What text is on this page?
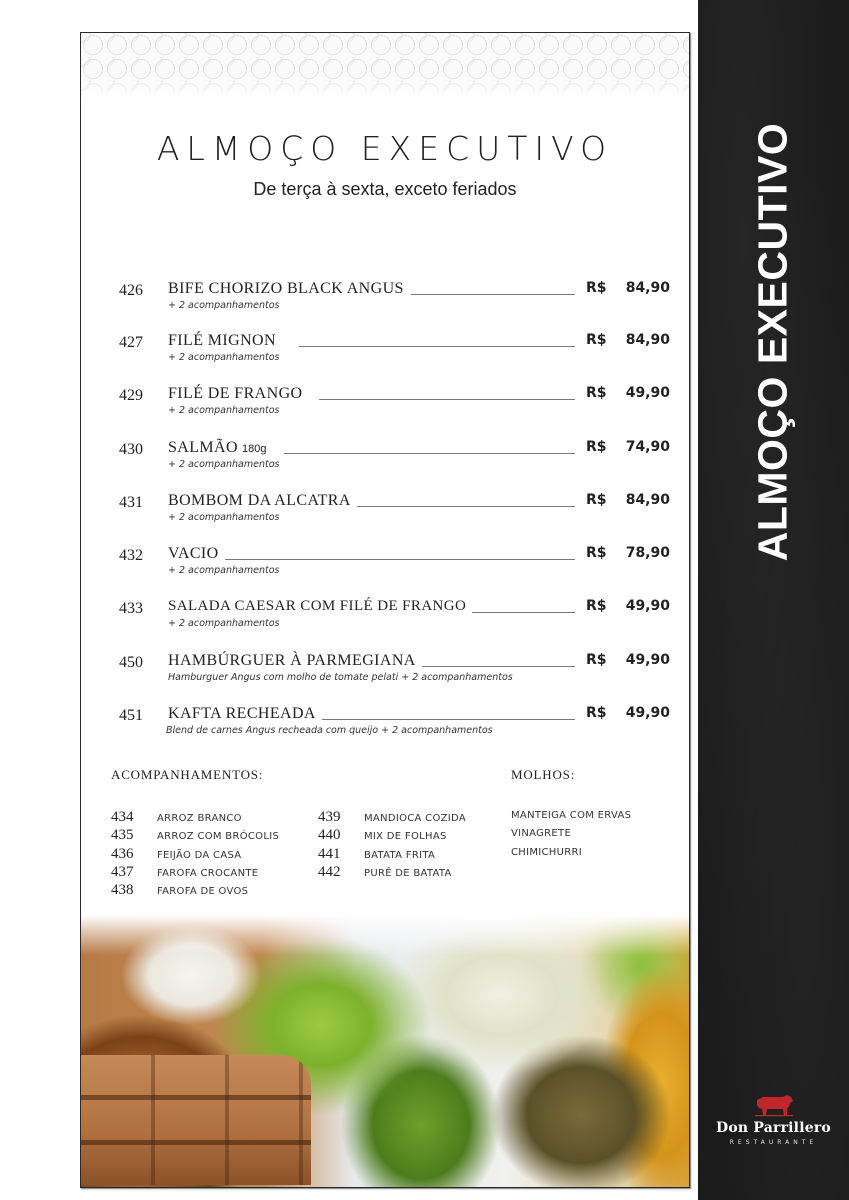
ALMOÇO EXECUTIVO
De terça à sexta, exceto feriados
426 BIFE CHORIZO BLACK ANGUS	R$ 84,90
+ 2 acompanhamentos
427 FILÉ MIGNON	R$ 84,90
+ 2 acompanhamentos
429 FILÉ DE FRANGO	R$ 49,90
+ 2 acompanhamentos
430 SALMÃO 180g	R$ 74,90
+ 2 acompanhamentos
431 BOMBOM DA ALCATRA	R$ 84,90
+ 2 acompanhamentos
432 VACIO	R$ 78,90
+ 2 acompanhamentos
433 SALADA CAESAR COM FILÉ DE FRANGO	R$ 49,90
+ 2 acompanhamentos
450 HAMBÚRGUER À PARMEGIANA	R$ 49,90
Hamburguer Angus com molho de tomate pelati + 2 acompanhamentos
451 KAFTA RECHEADA	R$ 49,90
Blend de carnes Angus recheada com queijo + 2 acompanhamentos
ACOMPANHAMENTOS:	MOLHOS:
434 ARROZ BRANCO
435 ARROZ COM BRÓCOLIS
436 FEIJÃO DA CASA
437 FAROFA CROCANTE
438 FAROFA DE OVOS
439 MANDIOCA COZIDA
440 MIX DE FOLHAS
441 BATATA FRITA
442 PURÊ DE BATATA
MANTEIGA COM ERVAS
VINAGRETE
CHIMICHURRI
ALMOÇO EXECUTIVO
Don Parrillero
RESTAURANTE
